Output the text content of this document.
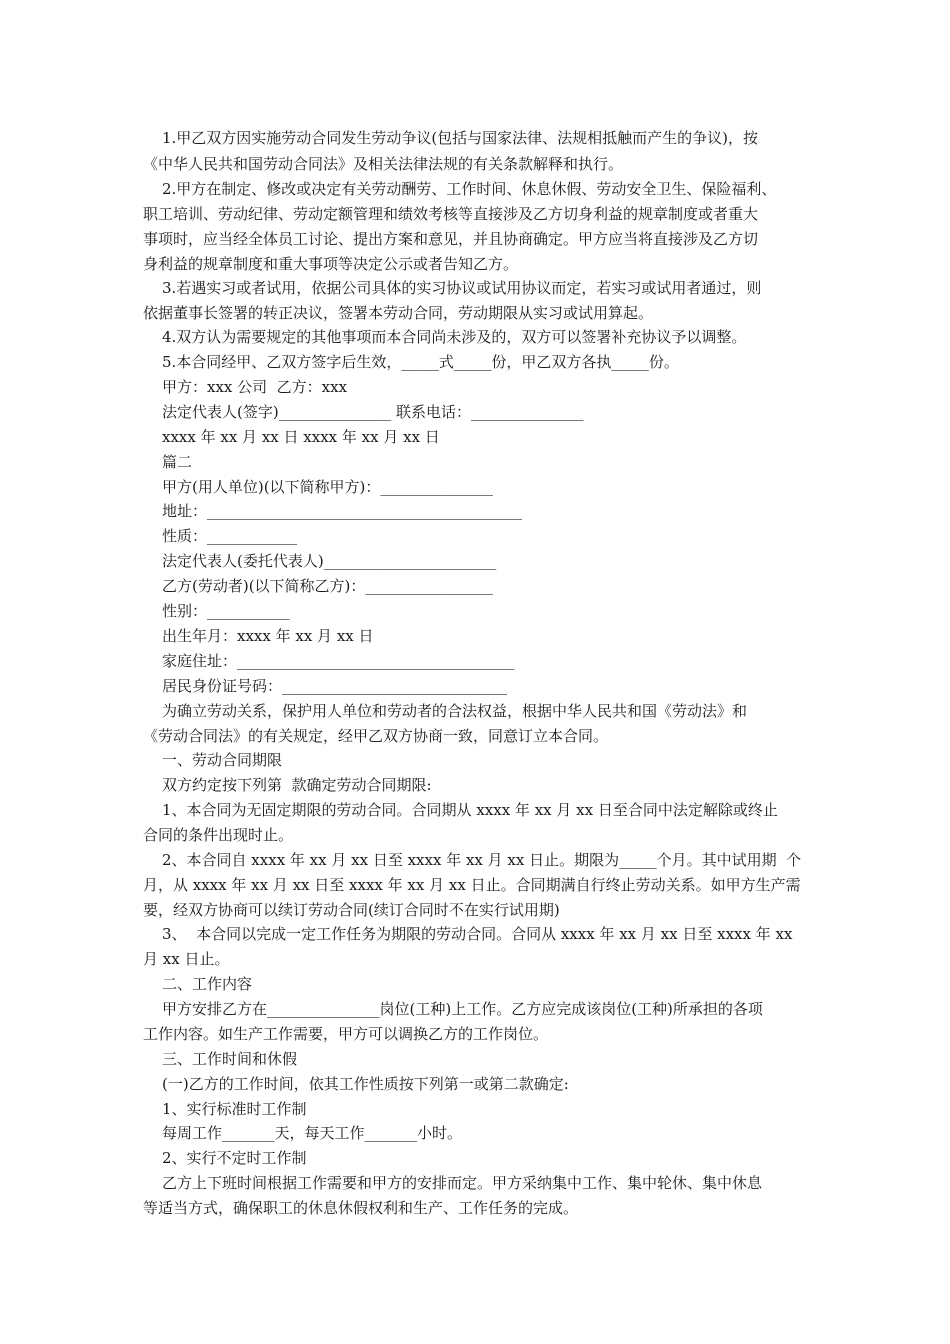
1.甲乙双方因实施劳动合同发生劳动争议(包括与国家法律、法规相抵触而产生的争议)，按
《中华人民共和国劳动合同法》及相关法律法规的有关条款解释和执行。
2.甲方在制定、修改或决定有关劳动酬劳、工作时间、休息休假、劳动安全卫生、保险福利、
职工培训、劳动纪律、劳动定额管理和绩效考核等直接涉及乙方切身利益的规章制度或者重大
事项时，应当经全体员工讨论、提出方案和意见，并且协商确定。甲方应当将直接涉及乙方切
身利益的规章制度和重大事项等决定公示或者告知乙方。
3.若遇实习或者试用，依据公司具体的实习协议或试用协议而定，若实习或试用者通过，则
依据董事长签署的转正决议，签署本劳动合同，劳动期限从实习或试用算起。
4.双方认为需要规定的其他事项而本合同尚未涉及的，双方可以签署补充协议予以调整。
5.本合同经甲、乙双方签字后生效，_____式_____份，甲乙双方各执_____份。
甲方：xxx 公司  乙方：xxx
法定代表人(签字)_______________ 联系电话：_______________
xxxx 年 xx 月 xx 日 xxxx 年 xx 月 xx 日
篇二
甲方(用人单位)(以下简称甲方)：_______________
地址：__________________________________________
性质：____________
法定代表人(委托代表人)_______________________
乙方(劳动者)(以下简称乙方)：_________________
性别：___________
出生年月：xxxx 年 xx 月 xx 日
家庭住址：_____________________________________
居民身份证号码：______________________________
为确立劳动关系，保护用人单位和劳动者的合法权益，根据中华人民共和国《劳动法》和
《劳动合同法》的有关规定，经甲乙双方协商一致，同意订立本合同。
一、劳动合同期限
双方约定按下列第  款确定劳动合同期限:
1、本合同为无固定期限的劳动合同。合同期从 xxxx 年 xx 月 xx 日至合同中法定解除或终止
合同的条件出现时止。
2、本合同自 xxxx 年 xx 月 xx 日至 xxxx 年 xx 月 xx 日止。期限为_____个月。其中试用期  个
月，从 xxxx 年 xx 月 xx 日至 xxxx 年 xx 月 xx 日止。合同期满自行终止劳动关系。如甲方生产需
要，经双方协商可以续订劳动合同(续订合同时不在实行试用期)
3、  本合同以完成一定工作任务为期限的劳动合同。合同从 xxxx 年 xx 月 xx 日至 xxxx 年 xx
月 xx 日止。
二、工作内容
甲方安排乙方在_______________岗位(工种)上工作。乙方应完成该岗位(工种)所承担的各项
工作内容。如生产工作需要，甲方可以调换乙方的工作岗位。
三、工作时间和休假
(一)乙方的工作时间，依其工作性质按下列第一或第二款确定:
1、实行标准时工作制
每周工作_______天，每天工作_______小时。
2、实行不定时工作制
乙方上下班时间根据工作需要和甲方的安排而定。甲方采纳集中工作、集中轮休、集中休息
等适当方式，确保职工的休息休假权利和生产、工作任务的完成。
